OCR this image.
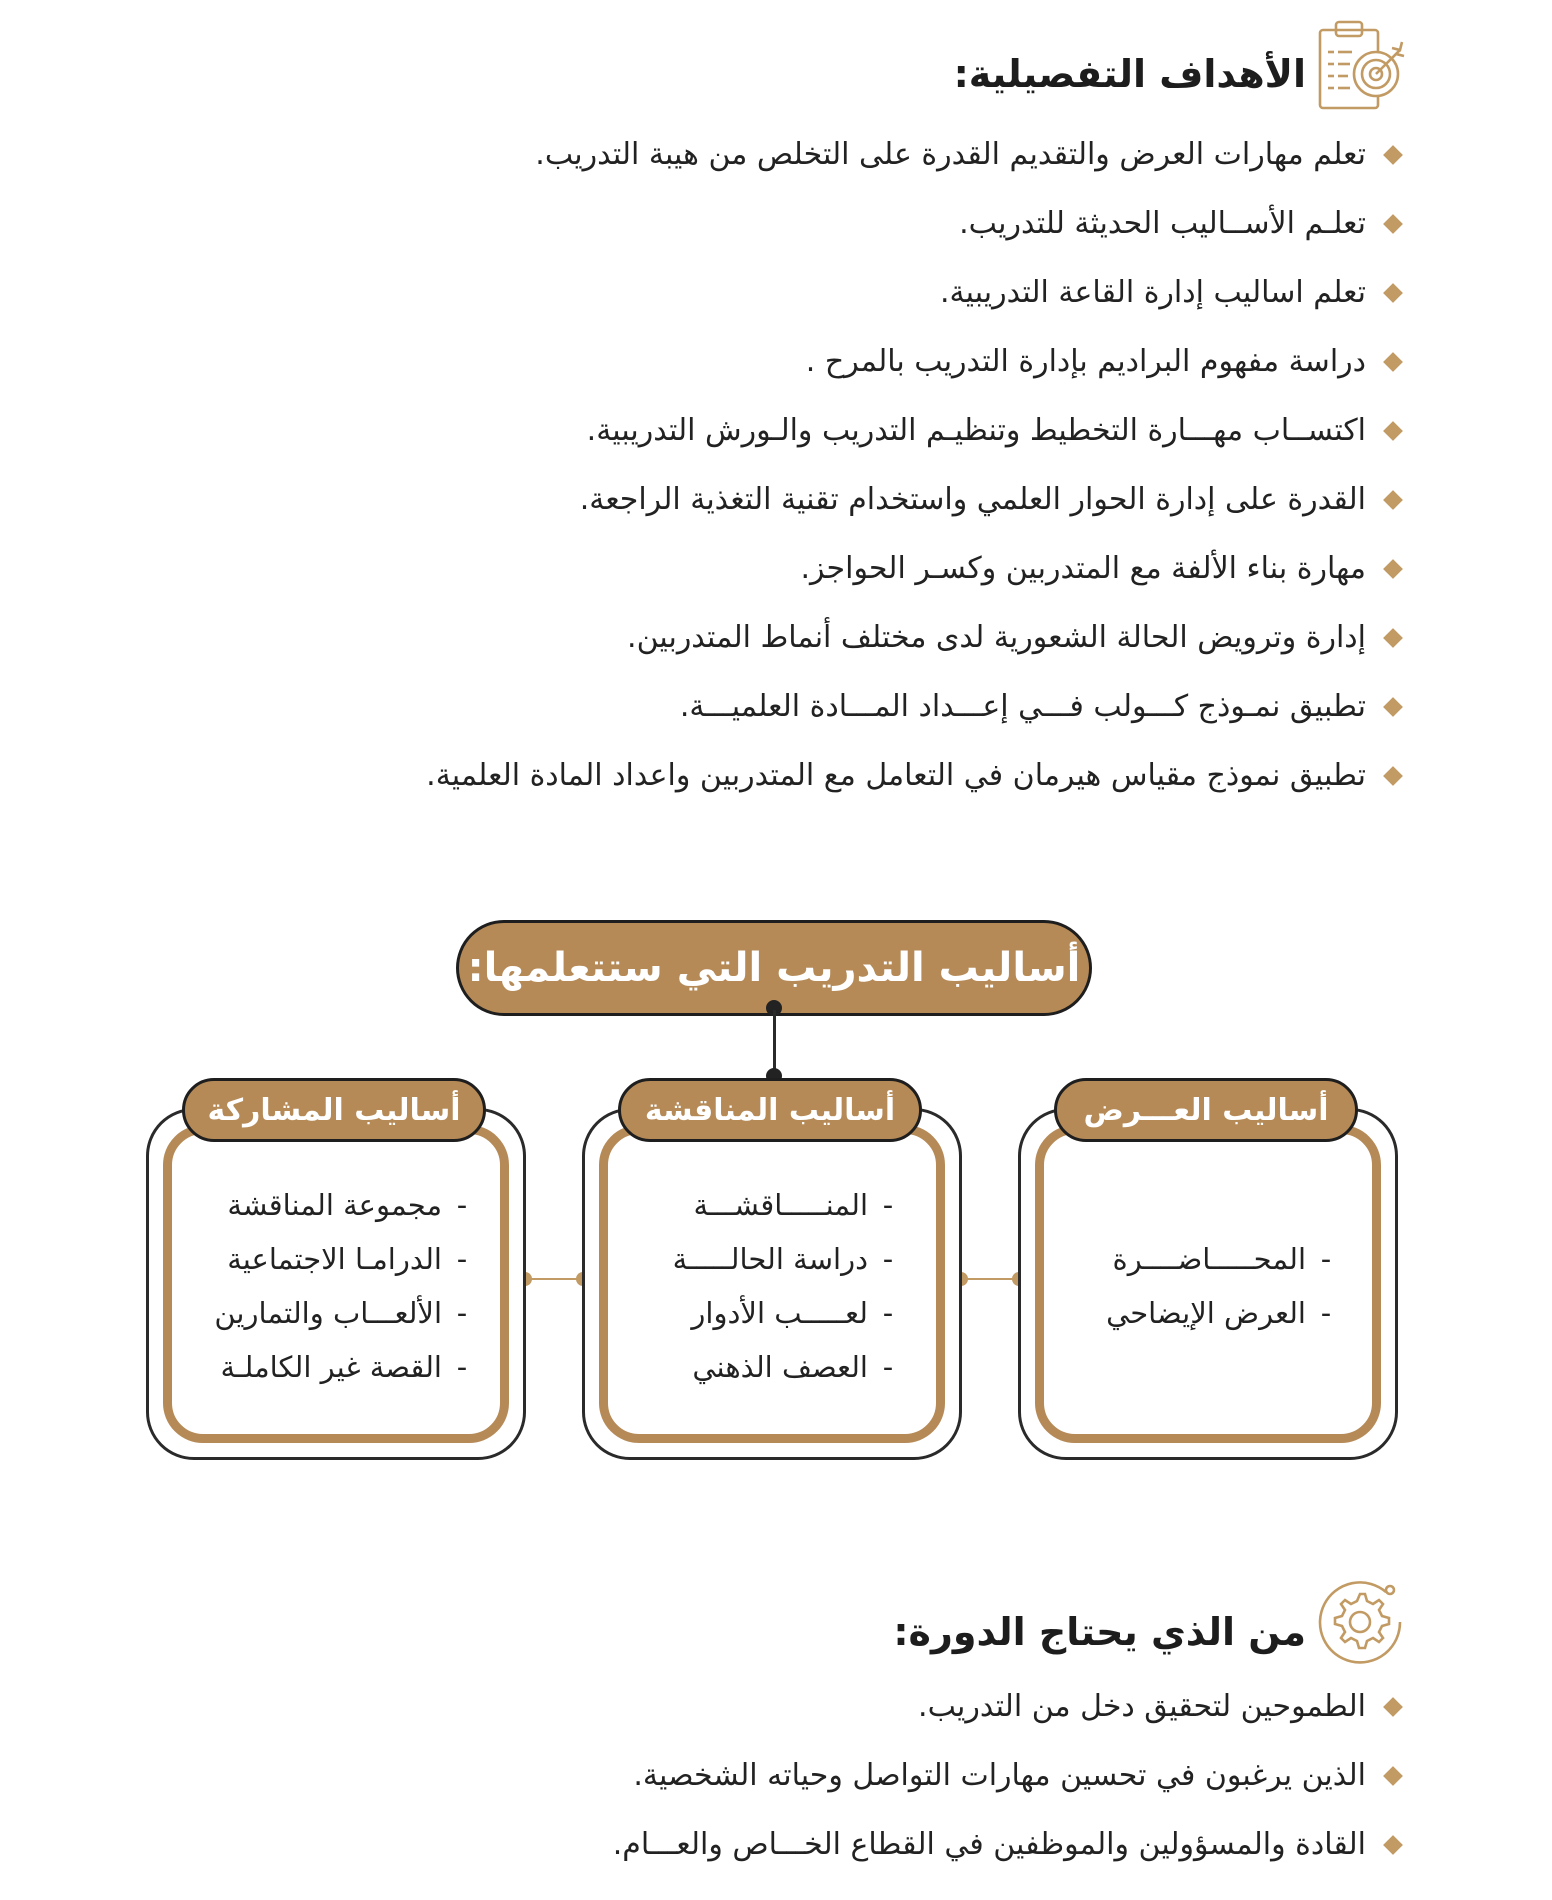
الأهداف التفصيلية:
تعلم مهارات العرض والتقديم القدرة على التخلص من هيبة التدريب.
تعلـم الأســاليب الحديثة للتدريب.
تعلم اساليب إدارة القاعة التدريبية.
دراسة مفهوم البراديم بإدارة التدريب بالمرح .
اكتســاب مهـــارة التخطيط وتنظيـم التدريب والـورش التدريبية.
القدرة على إدارة الحوار العلمي واستخدام تقنية التغذية الراجعة.
مهارة بناء الألفة مع المتدربين وكسـر الحواجز.
إدارة وترويض الحالة الشعورية لدى مختلف أنماط المتدربين.
تطبيق نمـوذج كـــولب فـــي إعـــداد المـــادة العلميـــة.
تطبيق نموذج مقياس هيرمان في التعامل مع المتدربين واعداد المادة العلمية.
أساليب التدريب التي ستتعلمها:
أساليب المشاركة
-
مجموعة المناقشة
-
الدرامـا الاجتماعية
-
الألعـــاب والتمارين
-
القصة غير الكاملـة
أساليب المناقشة
-
المنـــــاقشـــة
-
دراسة الحالـــــة
-
لعـــــب الأدوار
-
العصف الذهني
أساليب العـــرض
-
المحـــــاضــــرة
-
العرض الإيضاحي
من الذي يحتاج الدورة:
الطموحين لتحقيق دخل من التدريب.
الذين يرغبون في تحسين مهارات التواصل وحياته الشخصية.
القادة والمسؤولين والموظفين في القطاع الخـــاص والعـــام.
